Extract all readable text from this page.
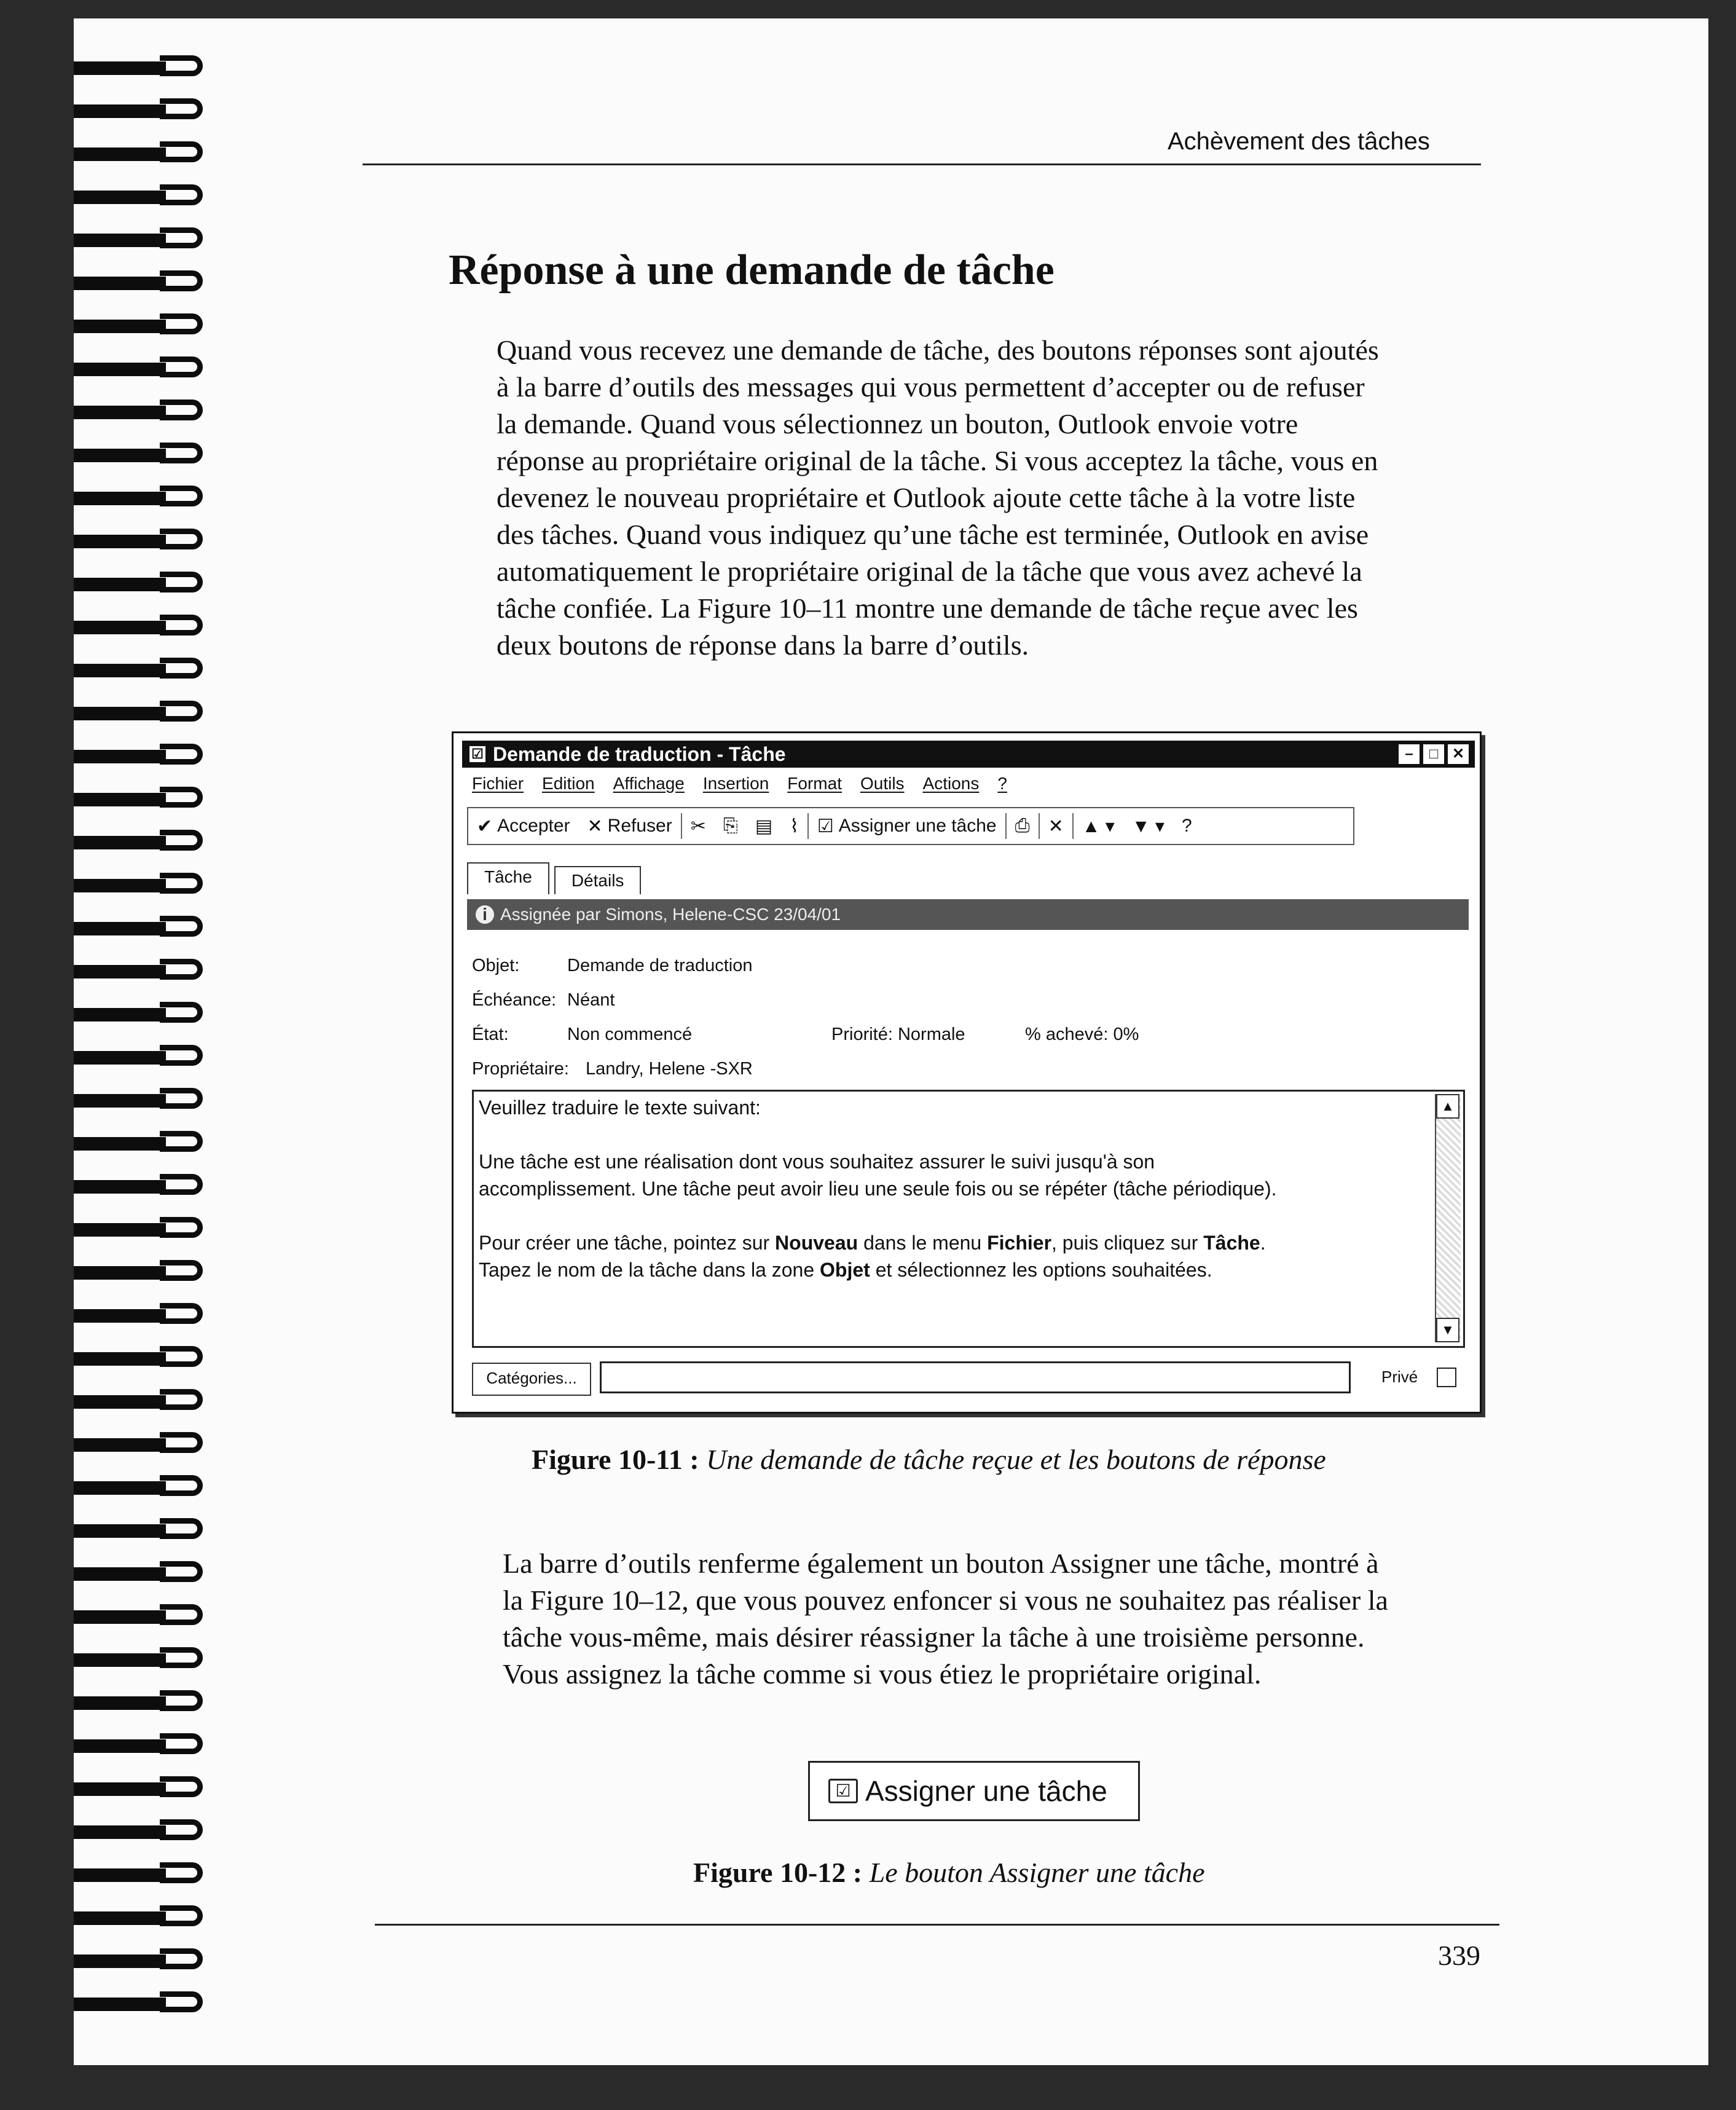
Achèvement des tâches
Réponse à une demande de tâche
Quand vous recevez une demande de tâche, des boutons réponses sont ajoutés
à la barre d’outils des messages qui vous permettent d’accepter ou de refuser
la demande. Quand vous sélectionnez un bouton, Outlook envoie votre
réponse au propriétaire original de la tâche. Si vous acceptez la tâche, vous en
devenez le nouveau propriétaire et Outlook ajoute cette tâche à la votre liste
des tâches. Quand vous indiquez qu’une tâche est terminée, Outlook en avise
automatiquement le propriétaire original de la tâche que vous avez achevé la
tâche confiée. La Figure 10–11 montre une demande de tâche reçue avec les
deux boutons de réponse dans la barre d’outils.
☑ Demande de traduction - Tâche	–	□ ✕
Fichier Edition Affichage Insertion Format Outils Actions ?
✔ Accepter ✕ Refuser ✂ ⎘ ▤ ⌇ ☑ Assigner une tâche ⎙ ✕ ▲ ▾ ▼ ▾ ?
Tâche	Détails
i Assignée par Simons, Helene-CSC 23/04/01
Objet:	Demande de traduction
Échéance: Néant
État:	Non commencé	Priorité: Normale	% achevé: 0%
Propriétaire: Landry, Helene -SXR

Veuillez traduire le texte suivant:

Une tâche est une réalisation dont vous souhaitez assurer le suivi jusqu'à son

accomplissement. Une tâche peut avoir lieu une seule fois ou se répéter (tâche périodique).

Pour créer une tâche, pointez sur Nouveau dans le menu Fichier, puis cliquez sur Tâche.

Tapez le nom de la tâche dans la zone Objet et sélectionnez les options souhaitées.

▲
▼
Catégories...	Privé
Figure 10-11 : Une demande de tâche reçue et les boutons de réponse
La barre d’outils renferme également un bouton Assigner une tâche, montré à
la Figure 10–12, que vous pouvez enfoncer si vous ne souhaitez pas réaliser la
tâche vous-même, mais désirer réassigner la tâche à une troisième personne.
Vous assignez la tâche comme si vous étiez le propriétaire original.
☑ Assigner une tâche
Figure 10-12 : Le bouton Assigner une tâche
339
